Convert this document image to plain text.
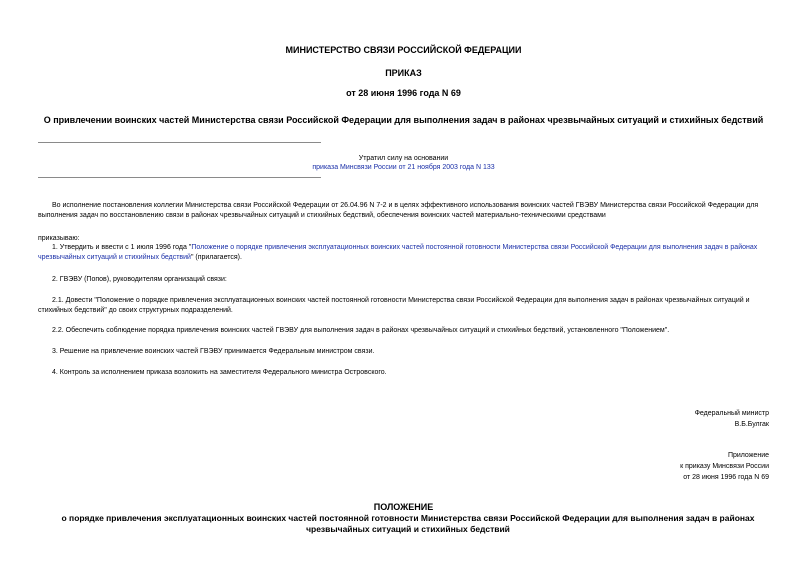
МИНИСТЕРСТВО СВЯЗИ РОССИЙСКОЙ ФЕДЕРАЦИИ
ПРИКАЗ
от 28 июня 1996 года N 69
О привлечении воинских частей Министерства связи Российской Федерации для выполнения задач в районах чрезвычайных ситуаций и стихийных бедствий
Утратил силу на основании
приказа Минсвязи России от 21 ноября 2003 года N 133
Во исполнение постановления коллегии Министерства связи Российской Федерации от 26.04.96 N 7-2 и в целях эффективного использования воинских частей ГВЭВУ Министерства связи Российской Федерации для выполнения задач по восстановлению связи в районах чрезвычайных ситуаций и стихийных бедствий, обеспечения воинских частей материально-техническими средствами
приказываю:
1. Утвердить и ввести с 1 июля 1996 года "Положение о порядке привлечения эксплуатационных воинских частей постоянной готовности Министерства связи Российской Федерации для выполнения задач в районах чрезвычайных ситуаций и стихийных бедствий" (прилагается).
2. ГВЭВУ (Попов), руководителям организаций связи:
2.1. Довести "Положение о порядке привлечения эксплуатационных воинских частей постоянной готовности Министерства связи Российской Федерации для выполнения задач в районах чрезвычайных ситуаций и стихийных бедствий" до своих структурных подразделений.
2.2. Обеспечить соблюдение порядка привлечения воинских частей ГВЭВУ для выполнения задач в районах чрезвычайных ситуаций и стихийных бедствий, установленного "Положением".
3. Решение на привлечение воинских частей ГВЭВУ принимается Федеральным министром связи.
4. Контроль за исполнением приказа возложить на заместителя Федерального министра Островского.
Федеральный министр
В.Б.Булгак
Приложение
к приказу Минсвязи России
от 28 июня 1996 года N 69
ПОЛОЖЕНИЕ
о порядке привлечения эксплуатационных воинских частей постоянной готовности Министерства связи Российской Федерации для выполнения задач в районах чрезвычайных ситуаций и стихийных бедствий
